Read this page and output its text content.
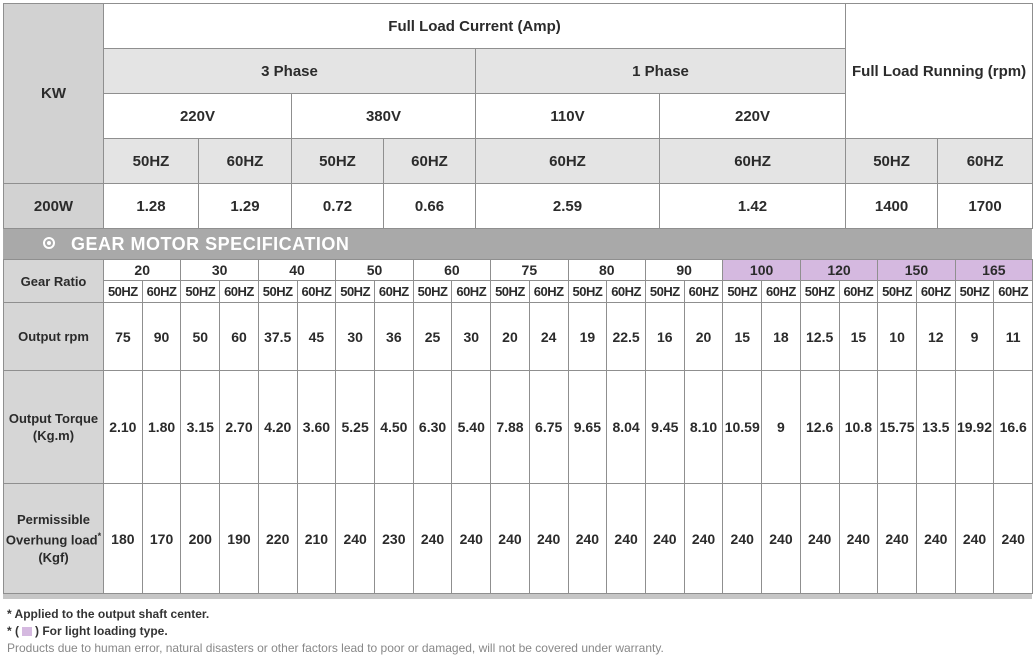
KW	Full Load Current (Amp)						Full Load Running (rpm)	
	3 Phase				1 Phase			
	220V		380V		110V	220V		
	50HZ	60HZ	50HZ	60HZ	60HZ	60HZ	50HZ	60HZ
200W	1.28	1.29	0.72	0.66	2.59	1.42	1400	1700
GEAR MOTOR SPECIFICATION
Gear Ratio	20		30		40		50		60		75		80		90		100		120		150		165	
	50HZ	60HZ	50HZ	60HZ	50HZ	60HZ	50HZ	60HZ	50HZ	60HZ	50HZ	60HZ	50HZ	60HZ	50HZ	60HZ	50HZ	60HZ	50HZ	60HZ	50HZ	60HZ	50HZ	60HZ
Output rpm	75	90	50	60	37.5	45	30	36	25	30	20	24	19	22.5	16	20	15	18	12.5	15	10	12	9	11
Output Torque
(Kg.m)	2.10	1.80	3.15	2.70	4.20	3.60	5.25	4.50	6.30	5.40	7.88	6.75	9.65	8.04	9.45	8.10	10.59	9	12.6	10.8	15.75	13.5	19.92	16.6
Permissible
Overhung load*
(Kgf)	180	170	200	190	220	210	240	230	240	240	240	240	240	240	240	240	240	240	240	240	240	240	240	240
* Applied to the output shaft center.
* ( ) For light loading type.
Products due to human error, natural disasters or other factors lead to poor or damaged, will not be covered under warranty.
